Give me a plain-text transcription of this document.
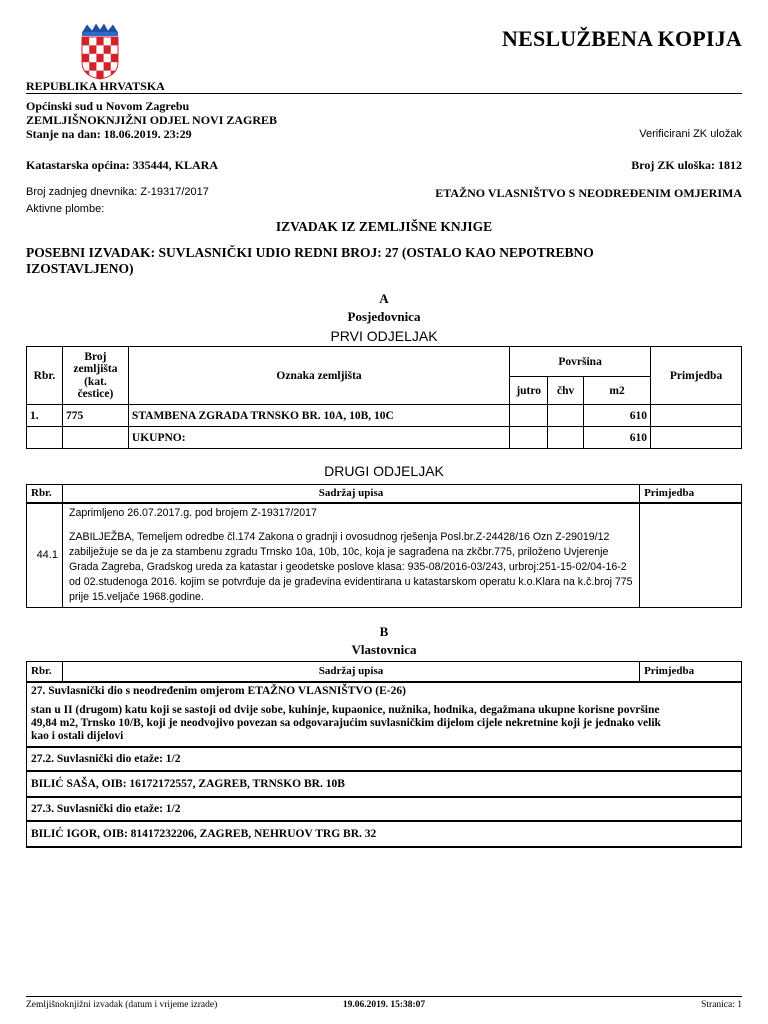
NESLUŽBENA KOPIJA
REPUBLIKA HRVATSKA
Općinski sud u Novom Zagrebu
ZEMLJIŠNOKNJIŽNI ODJEL NOVI ZAGREB
Stanje na dan: 18.06.2019. 23:29	Verificirani ZK uložak
Katastarska općina: 335444, KLARA	Broj ZK uloška: 1812
Broj zadnjeg dnevnika: Z-19317/2017	ETAŽNO VLASNIŠTVO S NEODREĐENIM OMJERIMA
Aktivne plombe:
IZVADAK IZ ZEMLJIŠNE KNJIGE
POSEBNI IZVADAK: SUVLASNIČKI UDIO REDNI BROJ: 27 (OSTALO KAO NEPOTREBNO IZOSTAVLJENO)
A
Posjedovnica
PRVI ODJELJAK
Rbr.	Broj zemljišta (kat. čestice)	Oznaka zemljišta	Površina			Primjedba
			jutro	čhv	m2	
1.	775	STAMBENA ZGRADA TRNSKO BR. 10A, 10B, 10C			610	
		UKUPNO:			610	
DRUGI ODJELJAK
Rbr.	Sadržaj upisa	Primjedba
44.1	Zaprimljeno 26.07.2017.g. pod brojem Z-19317/2017
ZABILJEŽBA, Temeljem odredbe čl.174 Zakona o gradnji i ovosudnog rješenja Posl.br.Z-24428/16 Ozn Z-29019/12 zabilježuje se da je za stambenu zgradu Trnsko 10a, 10b, 10c, koja je sagrađena na zkčbr.775, priloženo Uvjerenje Grada Zagreba, Gradskog ureda za katastar i geodetske poslove klasa: 935-08/2016-03/243, urbroj:251-15-02/04-16-2 od 02.studenoga 2016. kojim se potvrđuje da je građevina evidentirana u katastarskom operatu k.o.Klara na k.č.broj 775 prije 15.veljače 1968.godine.	

B
Vlastovnica
Rbr.	Sadržaj upisa	Primjedba

27. Suvlasnički dio s neodređenim omjerom ETAŽNO VLASNIŠTVO (E-26)
stan u II (drugom) katu koji se sastoji od dvije sobe, kuhinje, kupaonice, nužnika, hodnika, degažmana ukupne korisne površine 49,84 m2, Trnsko 10/B, koji je neodvojivo povezan sa odgovarajućim suvlasničkim dijelom cijele nekretnine koji je jednako velik kao i ostali dijelovi

27.2. Suvlasnički dio etaže: 1/2
BILIĆ SAŠA, OIB: 16172172557, ZAGREB, TRNSKO BR. 10B
27.3. Suvlasnički dio etaže: 1/2
BILIĆ IGOR, OIB: 81417232206, ZAGREB, NEHRUOV TRG BR. 32
Zemljišnoknjižni izvadak (datum i vrijeme izrade)	19.06.2019. 15:38:07	Stranica: 1
